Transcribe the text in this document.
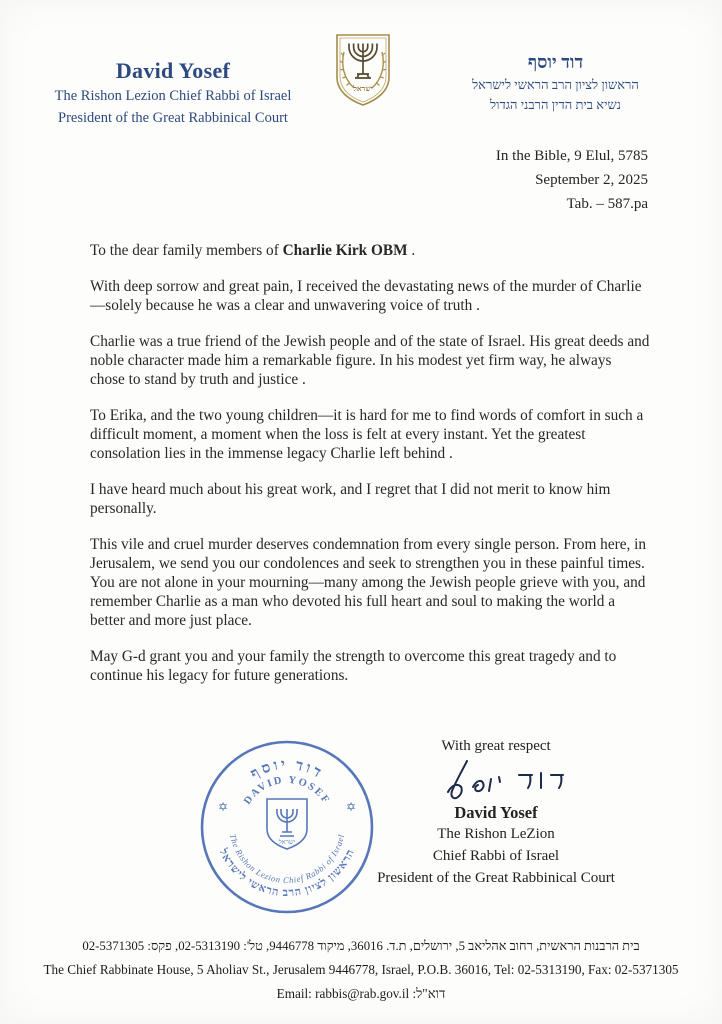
David Yosef
The Rishon Lezion Chief Rabbi of Israel
President of the Great Rabbinical Court
ישראל
דוד יוסף
הראשון לציון הרב הראשי לישראל
נשיא בית הדין הרבני הגדול
In the Bible, 9 Elul, 5785
September 2, 2025
Tab. – 587.pa

To the dear family members of Charlie Kirk OBM .

With deep sorrow and great pain, I received the devastating news of the murder of Charlie—solely because he was a clear and unwavering voice of truth .

Charlie was a true friend of the Jewish people and of the state of Israel. His great deeds and noble character made him a remarkable figure. In his modest yet firm way, he always chose to stand by truth and justice .

To Erika, and the two young children—it is hard for me to find words of comfort in such a difficult moment, a moment when the loss is felt at every instant. Yet the greatest consolation lies in the immense legacy Charlie left behind .

I have heard much about his great work, and I regret that I did not merit to know him personally.

This vile and cruel murder deserves condemnation from every single person. From here, in Jerusalem, we send you our condolences and seek to strengthen you in these painful times. You are not alone in your mourning—many among the Jewish people grieve with you, and remember Charlie as a man who devoted his full heart and soul to making the world a better and more just place.

May G-d grant you and your family the strength to overcome this great tragedy and to continue his legacy for future generations.

דוד יוסף
DAVID YOSEF
הראשון לציון הרב הראשי לישראל
The Rishon Lezion Chief Rabbi of Israel
✡	✡
ישראל
With great respect
David Yosef
The Rishon LeZion
Chief Rabbi of Israel
President of the Great Rabbinical Court
בית הרבנות הראשית, רחוב אהליאב 5, ירושלים, ת.ד. 36016, מיקוד 9446778, טל': 02-5313190, פקס: 02-5371305
The Chief Rabbinate House, 5 Aholiav St., Jerusalem 9446778, Israel, P.O.B. 36016, Tel: 02-5313190, Fax: 02-5371305
Email: rabbis@rab.gov.il :דוא"ל
